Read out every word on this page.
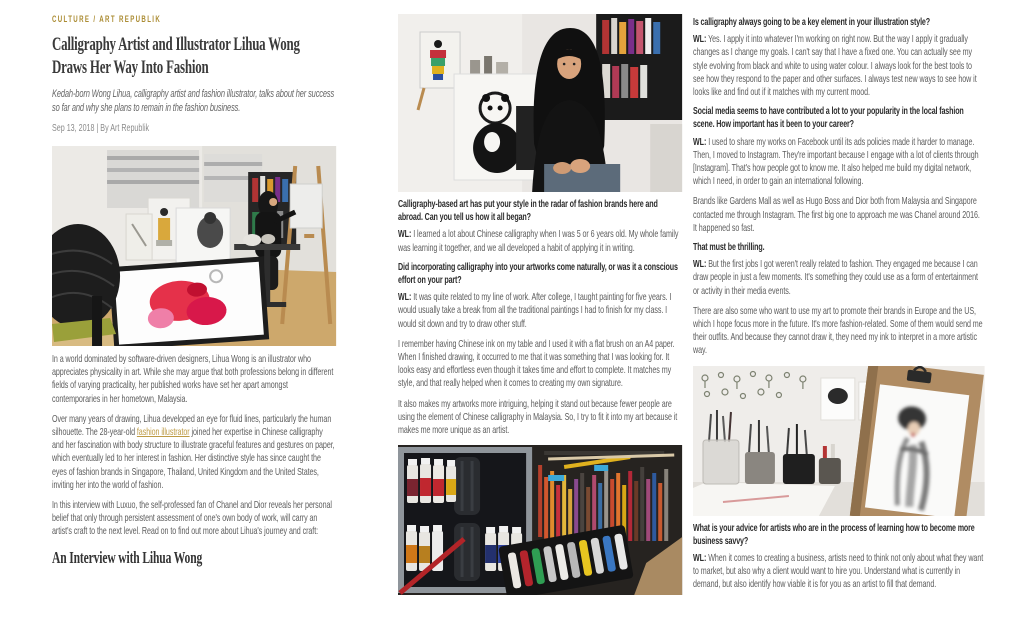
CULTURE / ART REPUBLIK
Calligraphy Artist and Illustrator Lihua Wong Draws Her Way Into Fashion
Kedah-born Wong Lihua, calligraphy artist and fashion illustrator, talks about her success so far and why she plans to remain in the fashion business.
Sep 13, 2018 | By Art Republik

In a world dominated by software-driven designers, Lihua Wong is an illustrator who appreciates physicality in art. While she may argue that both professions belong in different fields of varying practicality, her published works have set her apart amongst contemporaries in her hometown, Malaysia.

Over many years of drawing, Lihua developed an eye for fluid lines, particularly the human silhouette. The 28-year-old fashion illustrator joined her expertise in Chinese calligraphy and her fascination with body structure to illustrate graceful features and gestures on paper, which eventually led to her interest in fashion. Her distinctive style has since caught the eyes of fashion brands in Singapore, Thailand, United Kingdom and the United States, inviting her into the world of fashion.

In this interview with Luxuo, the self-professed fan of Chanel and Dior reveals her personal belief that only through persistent assessment of one's own body of work, will carry an artist's craft to the next level. Read on to find out more about Lihua's journey and craft:

An Interview with Lihua Wong

Calligraphy-based art has put your style in the radar of fashion brands here and abroad. Can you tell us how it all began?

WL: I learned a lot about Chinese calligraphy when I was 5 or 6 years old. My whole family was learning it together, and we all developed a habit of applying it in writing.

Did incorporating calligraphy into your artworks come naturally, or was it a conscious effort on your part?

WL: It was quite related to my line of work. After college, I taught painting for five years. I would usually take a break from all the traditional paintings I had to finish for my class. I would sit down and try to draw other stuff.

I remember having Chinese ink on my table and I used it with a flat brush on an A4 paper. When I finished drawing, it occurred to me that it was something that I was looking for. It looks easy and effortless even though it takes time and effort to complete. It matches my style, and that really helped when it comes to creating my own signature.

It also makes my artworks more intriguing, helping it stand out because fewer people are using the element of Chinese calligraphy in Malaysia. So, I try to fit it into my art because it makes me more unique as an artist.

Is calligraphy always going to be a key element in your illustration style?

WL: Yes. I apply it into whatever I'm working on right now. But the way I apply it gradually changes as I change my goals. I can't say that I have a fixed one. You can actually see my style evolving from black and white to using water colour. I always look for the best tools to see how they respond to the paper and other surfaces. I always test new ways to see how it looks like and find out if it matches with my current mood.

Social media seems to have contributed a lot to your popularity in the local fashion scene. How important has it been to your career?

WL: I used to share my works on Facebook until its ads policies made it harder to manage. Then, I moved to Instagram. They're important because I engage with a lot of clients through [Instagram]. That's how people got to know me. It also helped me build my digital network, which I need, in order to gain an international following.

Brands like Gardens Mall as well as Hugo Boss and Dior both from Malaysia and Singapore contacted me through Instagram. The first big one to approach me was Chanel around 2016. It happened so fast.

That must be thrilling.

WL: But the first jobs I got weren't really related to fashion. They engaged me because I can draw people in just a few moments. It's something they could use as a form of entertainment or activity in their media events.

There are also some who want to use my art to promote their brands in Europe and the US, which I hope focus more in the future. It's more fashion-related. Some of them would send me their outfits. And because they cannot draw it, they need my ink to interpret in a more artistic way.

What is your advice for artists who are in the process of learning how to become more business savvy?

WL: When it comes to creating a business, artists need to think not only about what they want to market, but also why a client would want to hire you. Understand what is currently in demand, but also identify how viable it is for you as an artist to fill that demand.
